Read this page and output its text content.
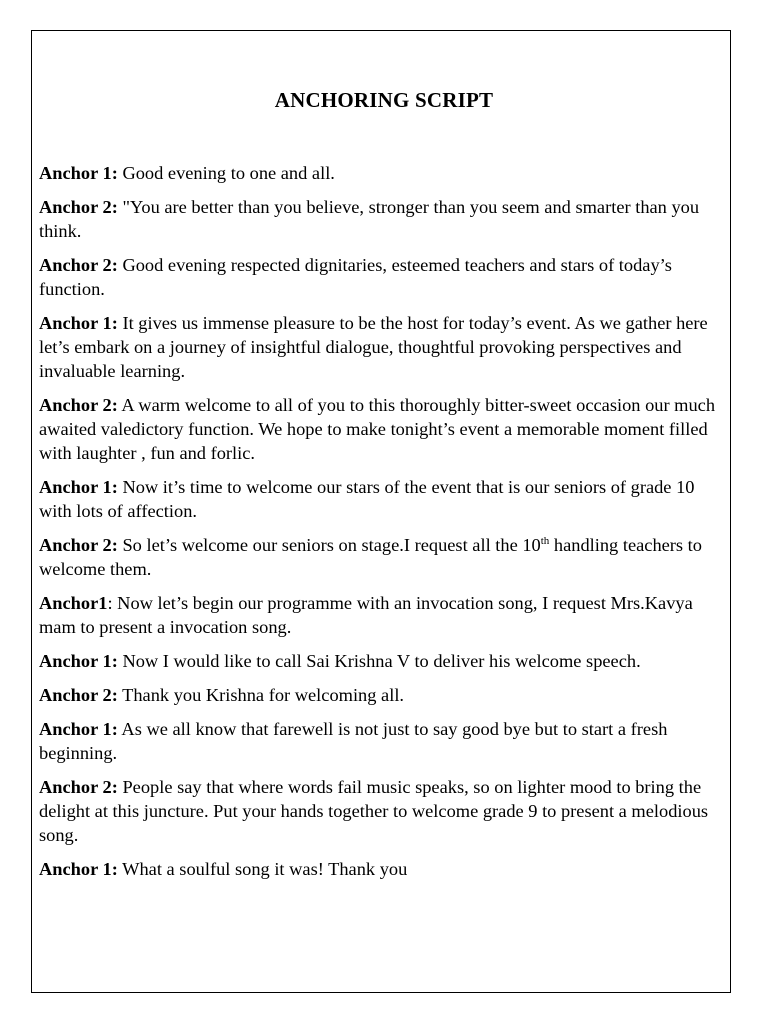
ANCHORING SCRIPT

Anchor 1: Good evening to one and all.

Anchor 2: "You are better than you believe, stronger than you seem and smarter than you think.

Anchor 2: Good evening respected dignitaries, esteemed teachers and stars of today’s function.

Anchor 1: It gives us immense pleasure to be the host for today’s event. As we gather here let’s embark on a journey of insightful dialogue, thoughtful provoking perspectives and invaluable learning.

Anchor 2: A warm welcome to all of you to this thoroughly bitter-sweet occasion our much awaited valedictory function. We hope to make tonight’s event a memorable moment filled with laughter , fun and forlic.

Anchor 1: Now it’s time to welcome our stars of the event that is our seniors of grade 10 with lots of affection.

Anchor 2: So let’s welcome our seniors on stage.I request all the 10th handling teachers to welcome them.

Anchor1: Now let’s begin our programme with an invocation song, I request Mrs.Kavya mam to present a invocation song.

Anchor 1: Now I would like to call Sai Krishna V to deliver his welcome speech.

Anchor 2: Thank you Krishna for welcoming all.

Anchor 1: As we all know that farewell is not just to say good bye but to start a fresh beginning.

Anchor 2: People say that where words fail music speaks, so on lighter mood to bring the delight at this juncture. Put your hands together to welcome grade 9 to present a melodious song.

Anchor 1: What a soulful song it was! Thank you
